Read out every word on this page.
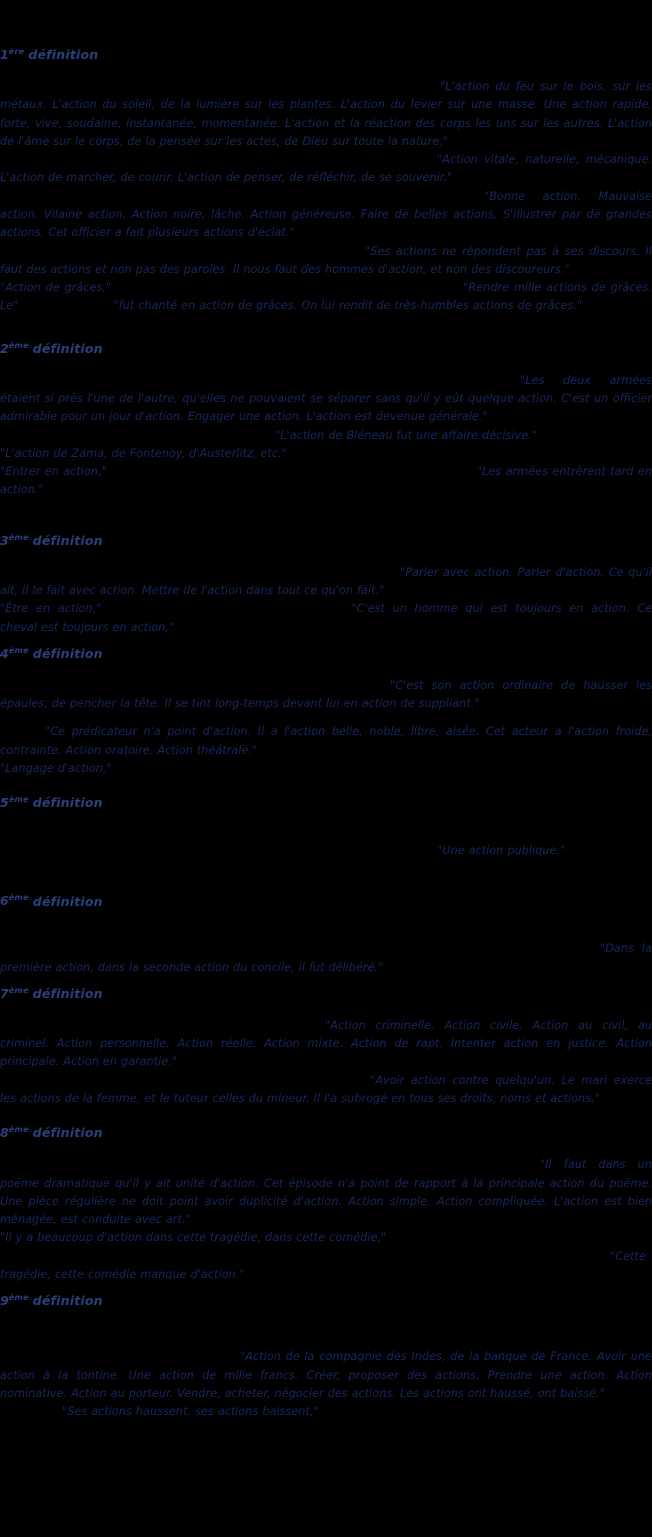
1ère définition

"L'action du feu sur le bois, sur les métaux. L'action du soleil, de la lumière sur les plantes. L'action du levier sur une masse. Une action rapide, forte, vive, soudaine, instantanée, momentanée. L'action et la réaction des corps les uns sur les autres. L'action de l'âme sur le corps, de la pensée sur les actes, de Dieu sur toute la nature."

"Action vitale, naturelle, mécanique. L'action de marcher, de courir. L'action de penser, de réfléchir, de se souvenir."

"Bonne action. Mauvaise action. Vilaine action. Action noire, lâche. Action généreuse. Faire de belles actions. S'illustrer par de grandes actions. Cet officier a fait plusieurs actions d'éclat."

"Ses actions ne répondent pas à ses discours. Il faut des actions et non pas des paroles. Il nous faut des hommes d'action, et non des discoureurs."

"Action de grâces,"	"Rendre mille actions de grâces. Le"	"fut chanté en action de grâces. On lui rendit de très-humbles actions de grâces."

2ème définition

"Les deux armées étaient si près l'une de l'autre, qu'elles ne pouvaient se séparer sans qu'il y eût quelque action. C'est un officier admirable pour un jour d'action. Engager une action. L'action est devenue générale."

"L'action de Bléneau fut une affaire décisive."

"L'action de Zama, de Fontenoy, d'Austerlitz, etc."

"Entrer en action,"	"Les armées entrèrent tard en action."

3ème définition

"Parler avec action. Parler d'action. Ce qu'il ait, il le fait avec action. Mettre de l'action dans tout ce qu'on fait."

"Être en action,"	"C'est un homme qui est toujours en action. Ce cheval est toujours en action,"

4ème définition

"C'est son action ordinaire de hausser les épaules, de pencher la tête. Il se tint long-temps devant lui en action de suppliant."

"Ce prédicateur n'a point d'action. Il a l'action belle, noble, libre, aisée. Cet acteur a l'action froide, contrainte. Action oratoire. Action théâtrale."

"Langage d'action,"

5ème définition

"Une action publique."

6ème définition

"Dans la première action, dans la seconde action du concile, il fut délibéré."

7ème définition

"Action criminelle. Action civile. Action au civil, au criminel. Action personnelle. Action réelle. Action mixte. Action de rapt. Intenter action en justice. Action principale. Action en garantie."

"Avoir action contre quelqu'un. Le mari exerce les actions de la femme, et le tuteur celles du mineur. Il l'a subrogé en tous ses droits, noms et actions."

8ème définition

"Il faut dans un poëme dramatique qu'il y ait unité d'action. Cet épisode n'a point de rapport à la principale action du poëme. Une pièce régulière ne doit point avoir duplicité d'action. Action simple. Action compliquée. L'action est bien ménagée, est conduite avec art."

"Il y a beaucoup d'action dans cette tragédie, dans cette comédie,"

"Cette tragédie, cette comédie manque d'action."

9ème définition

"Action de la compagnie des Indes, de la banque de France. Avoir une action à la tontine. Une action de mille francs. Créer, proposer des actions. Prendre une action. Action nominative. Action au porteur. Vendre, acheter, négocier des actions. Les actions ont haussé, ont baissé."

"Ses actions haussent, ses actions baissent,"
